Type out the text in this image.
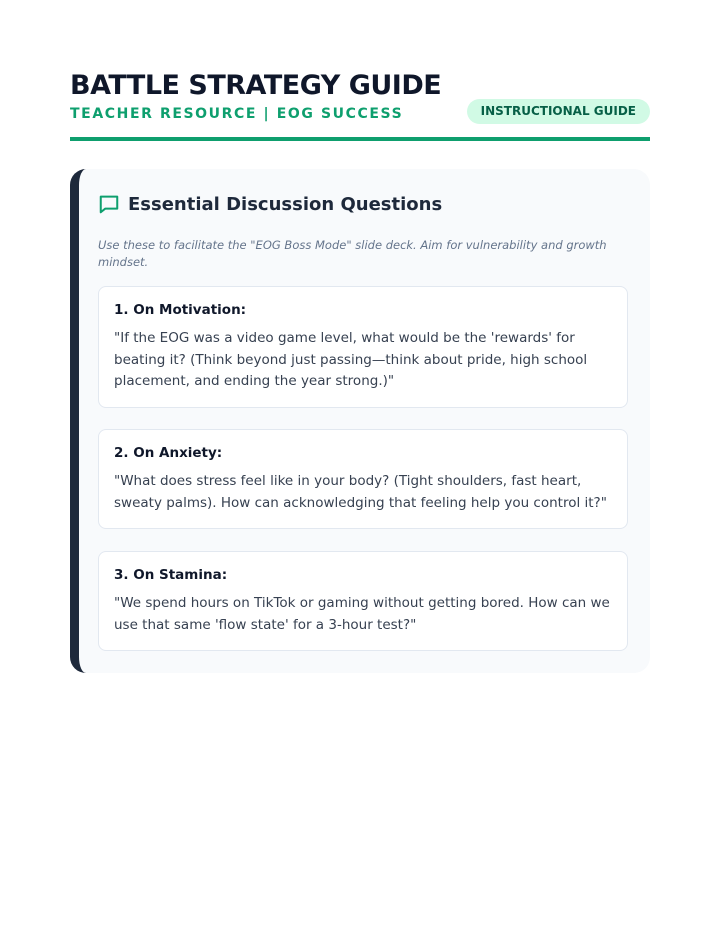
BATTLE STRATEGY GUIDE
TEACHER RESOURCE | EOG SUCCESS	INSTRUCTIONAL GUIDE
Essential Discussion Questions
Use these to facilitate the "EOG Boss Mode" slide deck. Aim for vulnerability and growth mindset.
1. On Motivation:
"If the EOG was a video game level, what would be the 'rewards' for beating it? (Think beyond just passing—think about pride, high school placement, and ending the year strong.)"
2. On Anxiety:
"What does stress feel like in your body? (Tight shoulders, fast heart, sweaty palms). How can acknowledging that feeling help you control it?"
3. On Stamina:
"We spend hours on TikTok or gaming without getting bored. How can we use that same 'flow state' for a 3-hour test?"
